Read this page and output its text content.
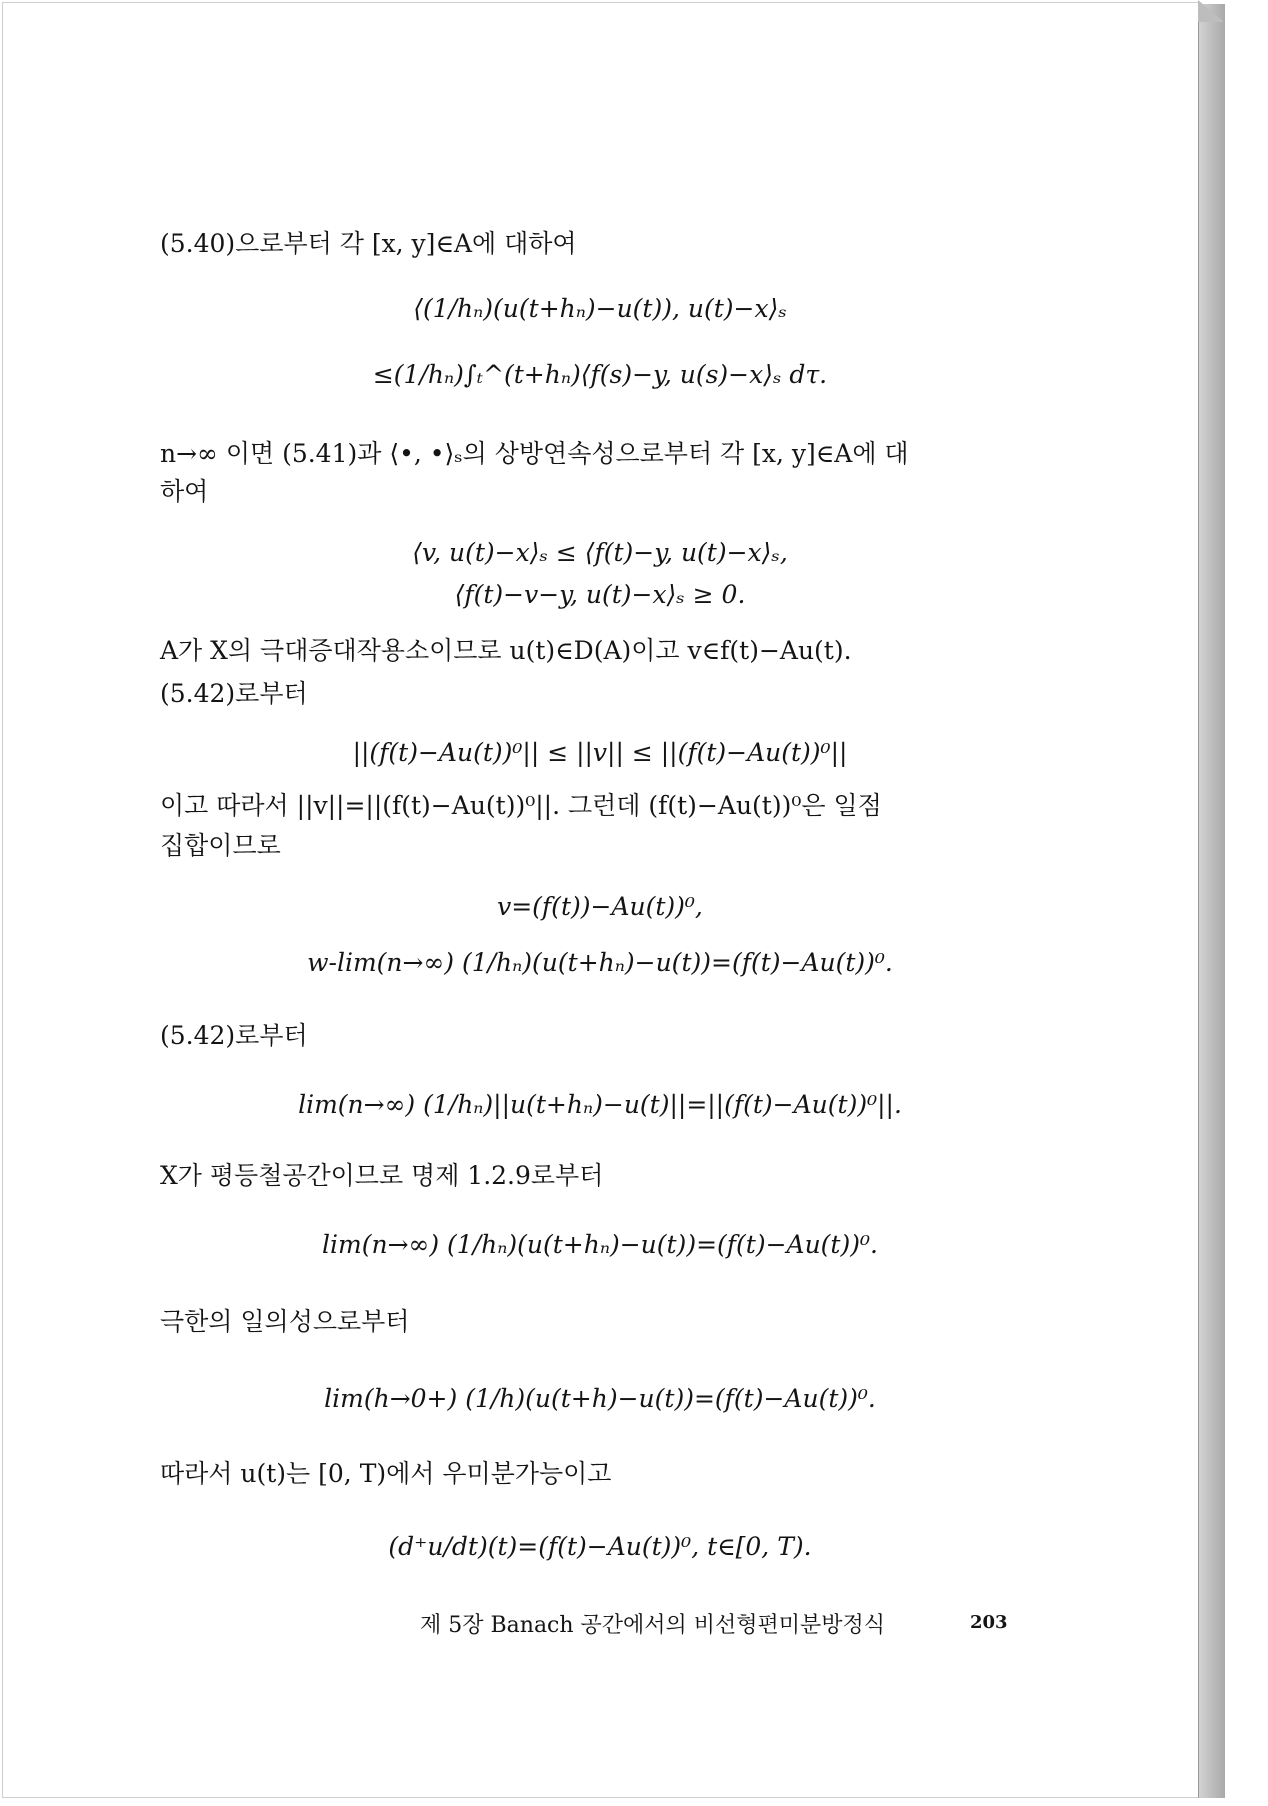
(5.40)으로부터 각 [x, y]∈A에 대하여
⟨(1/hₙ)(u(t+hₙ)−u(t)), u(t)−x⟩ₛ
≤(1/hₙ)∫ₜ^(t+hₙ)⟨f(s)−y, u(s)−x⟩ₛ dτ.
n→∞ 이면 (5.41)과 ⟨•, •⟩ₛ의 상방연속성으로부터 각 [x, y]∈A에 대
하여
⟨v, u(t)−x⟩ₛ ≤ ⟨f(t)−y, u(t)−x⟩ₛ,
⟨f(t)−v−y, u(t)−x⟩ₛ ≥ 0.
A가 X의 극대증대작용소이므로 u(t)∈D(A)이고 v∈f(t)−Au(t).
(5.42)로부터
||(f(t)−Au(t))⁰|| ≤ ||v|| ≤ ||(f(t)−Au(t))⁰||
이고 따라서 ||v||=||(f(t)−Au(t))⁰||. 그런데 (f(t)−Au(t))⁰은 일점
집합이므로
v=(f(t))−Au(t))⁰,
w-lim(n→∞) (1/hₙ)(u(t+hₙ)−u(t))=(f(t)−Au(t))⁰.
(5.42)로부터
lim(n→∞) (1/hₙ)||u(t+hₙ)−u(t)||=||(f(t)−Au(t))⁰||.
X가 평등철공간이므로 명제 1.2.9로부터
lim(n→∞) (1/hₙ)(u(t+hₙ)−u(t))=(f(t)−Au(t))⁰.
극한의 일의성으로부터
lim(h→0+) (1/h)(u(t+h)−u(t))=(f(t)−Au(t))⁰.
따라서 u(t)는 [0, T)에서 우미분가능이고
(d⁺u/dt)(t)=(f(t)−Au(t))⁰, t∈[0, T).
제 5장 Banach 공간에서의 비선형편미분방정식	203
